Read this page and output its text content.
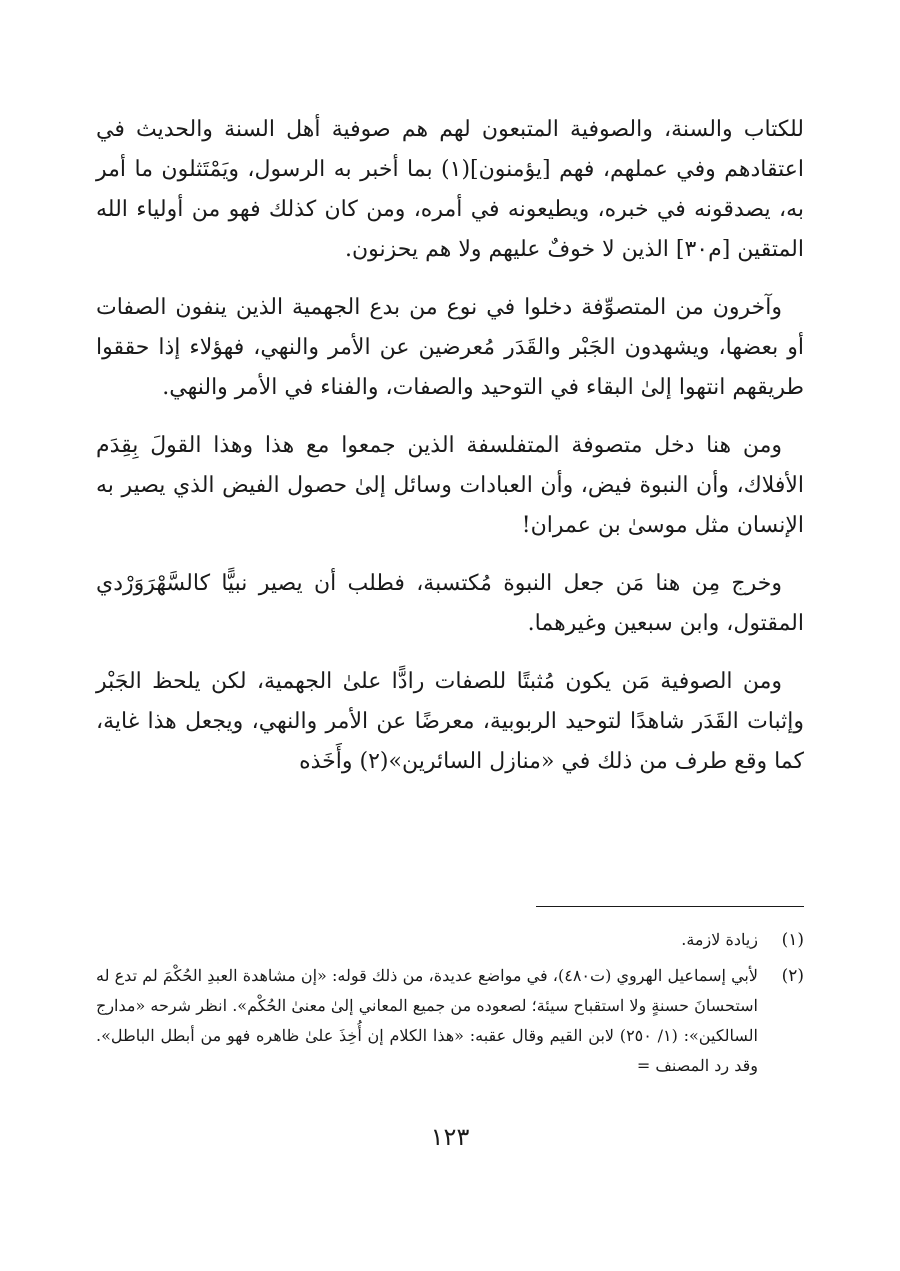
للكتاب والسنة، والصوفية المتبعون لهم هم صوفية أهل السنة والحديث في اعتقادهم وفي عملهم، فهم [يؤمنون](١) بما أخبر به الرسول، ويَمْتَثلون ما أمر به، يصدقونه في خبره، ويطيعونه في أمره، ومن كان كذلك فهو من أولياء الله المتقين [م٣٠] الذين لا خوفٌ عليهم ولا هم يحزنون.

وآخرون من المتصوِّفة دخلوا في نوع من بدع الجهمية الذين ينفون الصفات أو بعضها، ويشهدون الجَبْر والقَدَر مُعرضين عن الأمر والنهي، فهؤلاء إذا حققوا طريقهم انتهوا إلىٰ البقاء في التوحيد والصفات، والفناء في الأمر والنهي.

ومن هنا دخل متصوفة المتفلسفة الذين جمعوا مع هذا وهذا القولَ بِقِدَم الأفلاك، وأن النبوة فيض، وأن العبادات وسائل إلىٰ حصول الفيض الذي يصير به الإنسان مثل موسىٰ بن عمران!

وخرج مِن هنا مَن جعل النبوة مُكتسبة، فطلب أن يصير نبيًّا كالسَّهْرَوَرْدي المقتول، وابن سبعين وغيرهما.

ومن الصوفية مَن يكون مُثبتًا للصفات رادًّا علىٰ الجهمية، لكن يلحظ الجَبْر وإثبات القَدَر شاهدًا لتوحيد الربوبية، معرضًا عن الأمر والنهي، ويجعل هذا غاية، كما وقع طرف من ذلك في «منازل السائرين»(٢) وأَخَذه

(١)
زيادة لازمة.
(٢)
لأبي إسماعيل الهروي (ت٤٨٠)، في مواضع عديدة، من ذلك قوله: «إن مشاهدة العبدِ الحُكْمَ لم تدع له استحسانَ حسنةٍ ولا استقباح سيئة؛ لصعوده من جميع المعاني إلىٰ معنىٰ الحُكْم». انظر شرحه «مدارج السالكين»: (١/ ٢٥٠) لابن القيم وقال عقبه: «هذا الكلام إن أُخِذَ علىٰ ظاهره فهو من أبطل الباطل». وقد رد المصنف =
١٢٣
